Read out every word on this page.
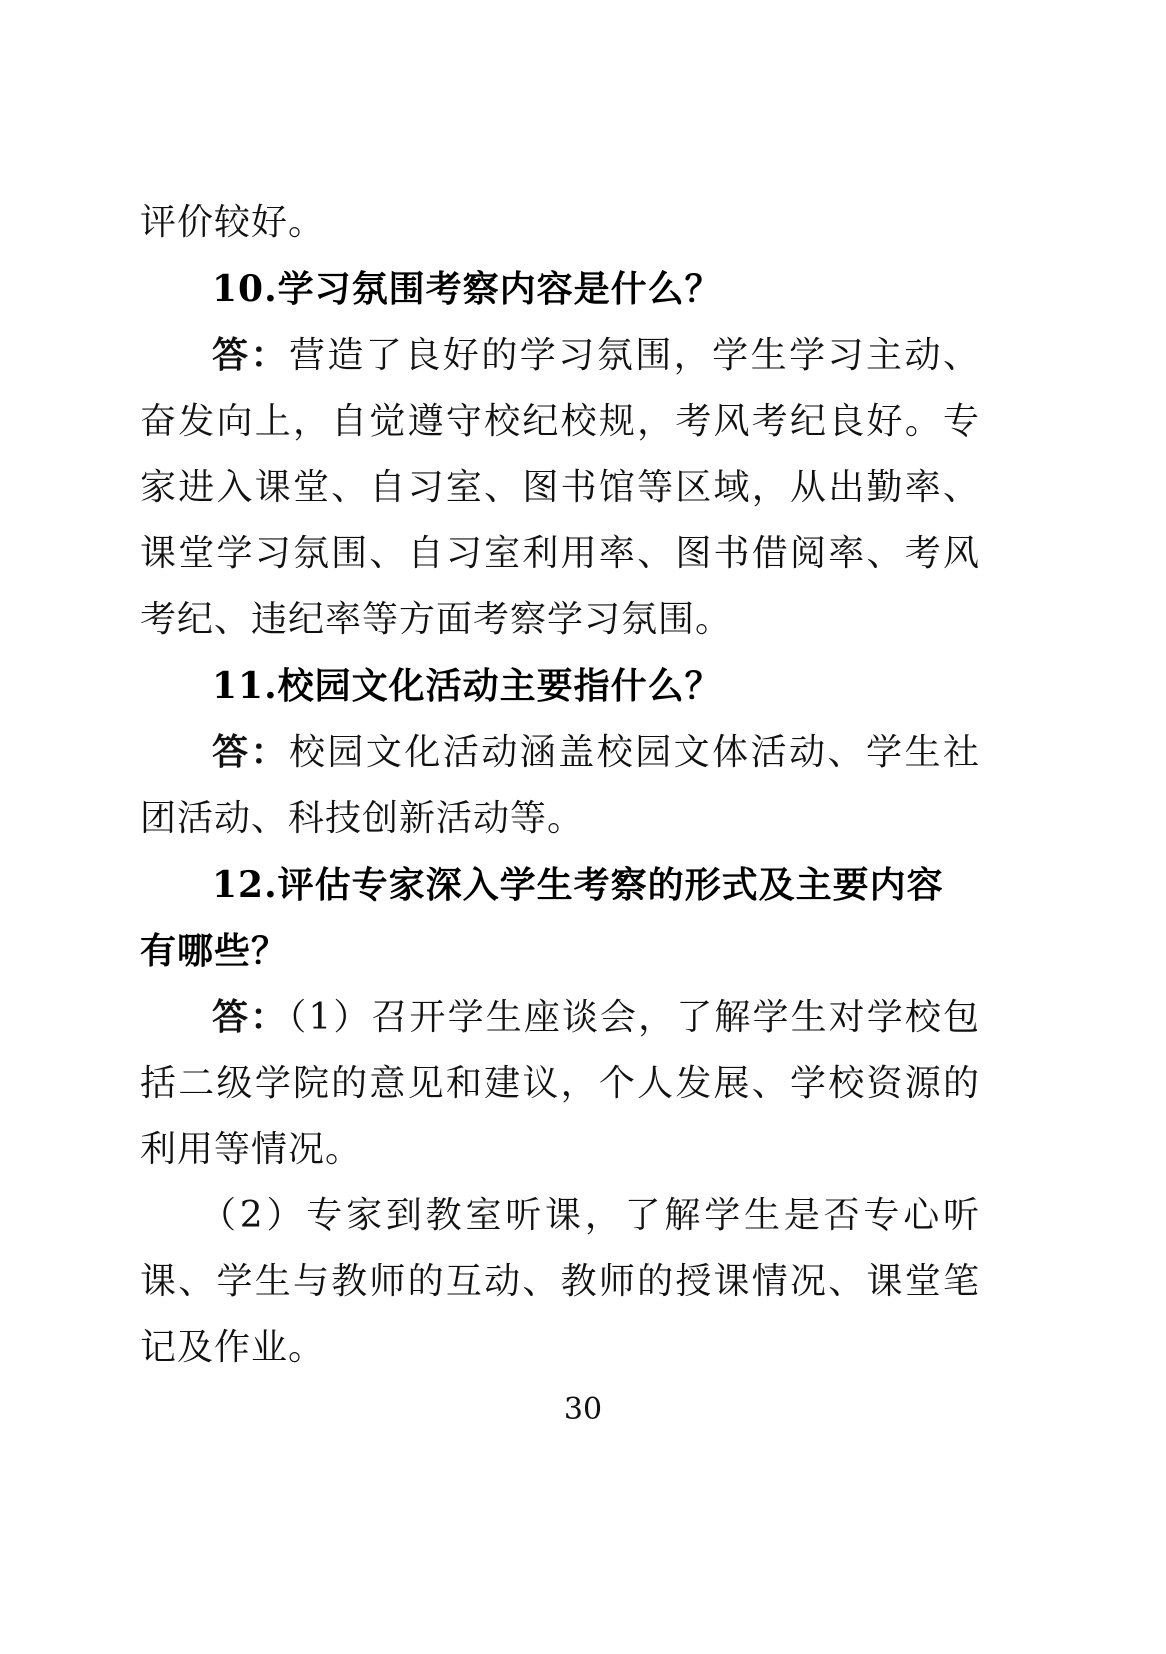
评价较好。

10.学习氛围考察内容是什么？

答：营造了良好的学习氛围，学生学习主动、奋发向上，自觉遵守校纪校规，考风考纪良好。专家进入课堂、自习室、图书馆等区域，从出勤率、课堂学习氛围、自习室利用率、图书借阅率、考风考纪、违纪率等方面考察学习氛围。

11.校园文化活动主要指什么？

答：校园文化活动涵盖校园文体活动、学生社团活动、科技创新活动等。

12.评估专家深入学生考察的形式及主要内容

有哪些？

答：（1）召开学生座谈会，了解学生对学校包括二级学院的意见和建议，个人发展、学校资源的利用等情况。

（2）专家到教室听课，了解学生是否专心听课、学生与教师的互动、教师的授课情况、课堂笔记及作业。

30
